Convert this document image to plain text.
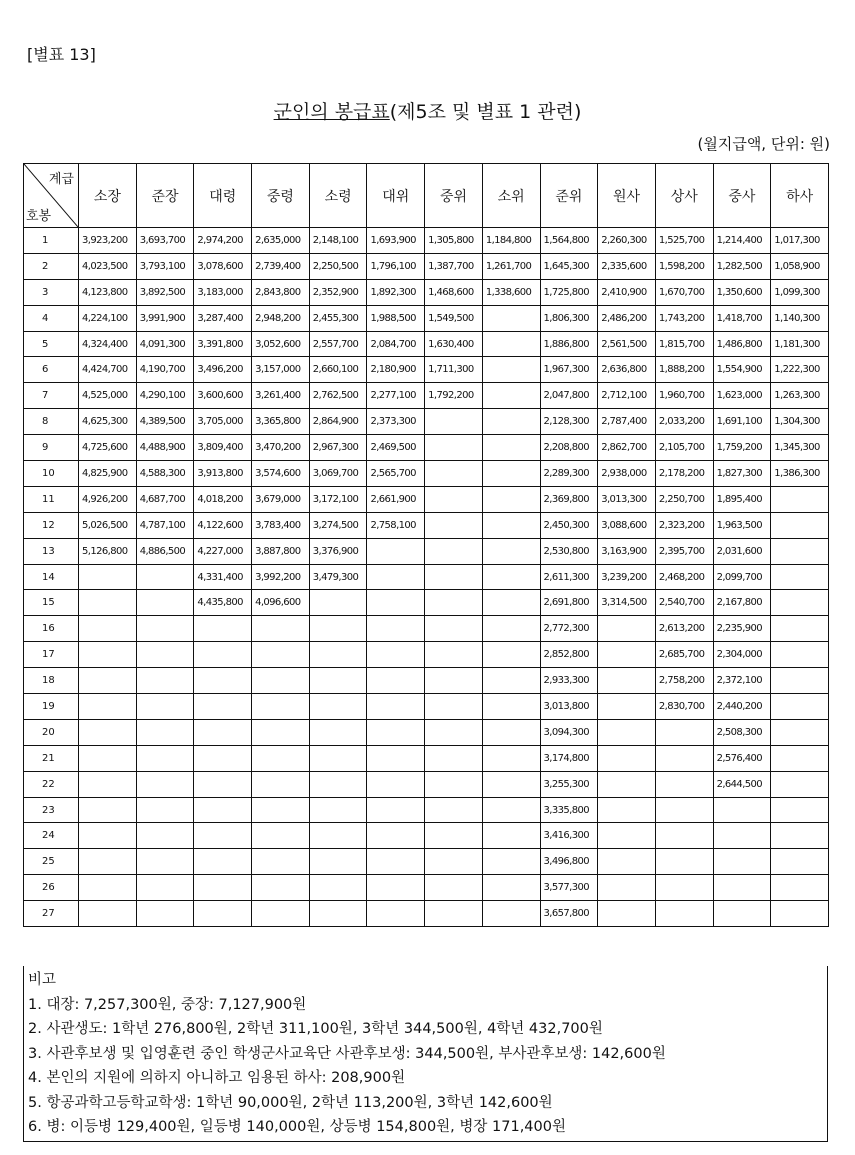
[별표 13]
군인의 봉급표(제5조 및 별표 1 관련)
(월지급액, 단위: 원)
계급
호봉	소장	준장	대령	중령	소령	대위	중위	소위	준위	원사	상사	중사	하사
1	3,923,200	3,693,700	2,974,200	2,635,000	2,148,100	1,693,900	1,305,800	1,184,800	1,564,800	2,260,300	1,525,700	1,214,400	1,017,300
2	4,023,500	3,793,100	3,078,600	2,739,400	2,250,500	1,796,100	1,387,700	1,261,700	1,645,300	2,335,600	1,598,200	1,282,500	1,058,900
3	4,123,800	3,892,500	3,183,000	2,843,800	2,352,900	1,892,300	1,468,600	1,338,600	1,725,800	2,410,900	1,670,700	1,350,600	1,099,300
4	4,224,100	3,991,900	3,287,400	2,948,200	2,455,300	1,988,500	1,549,500		1,806,300	2,486,200	1,743,200	1,418,700	1,140,300
5	4,324,400	4,091,300	3,391,800	3,052,600	2,557,700	2,084,700	1,630,400		1,886,800	2,561,500	1,815,700	1,486,800	1,181,300
6	4,424,700	4,190,700	3,496,200	3,157,000	2,660,100	2,180,900	1,711,300		1,967,300	2,636,800	1,888,200	1,554,900	1,222,300
7	4,525,000	4,290,100	3,600,600	3,261,400	2,762,500	2,277,100	1,792,200		2,047,800	2,712,100	1,960,700	1,623,000	1,263,300
8	4,625,300	4,389,500	3,705,000	3,365,800	2,864,900	2,373,300			2,128,300	2,787,400	2,033,200	1,691,100	1,304,300
9	4,725,600	4,488,900	3,809,400	3,470,200	2,967,300	2,469,500			2,208,800	2,862,700	2,105,700	1,759,200	1,345,300
10	4,825,900	4,588,300	3,913,800	3,574,600	3,069,700	2,565,700			2,289,300	2,938,000	2,178,200	1,827,300	1,386,300
11	4,926,200	4,687,700	4,018,200	3,679,000	3,172,100	2,661,900			2,369,800	3,013,300	2,250,700	1,895,400	
12	5,026,500	4,787,100	4,122,600	3,783,400	3,274,500	2,758,100			2,450,300	3,088,600	2,323,200	1,963,500	
13	5,126,800	4,886,500	4,227,000	3,887,800	3,376,900				2,530,800	3,163,900	2,395,700	2,031,600	
14			4,331,400	3,992,200	3,479,300				2,611,300	3,239,200	2,468,200	2,099,700	
15			4,435,800	4,096,600					2,691,800	3,314,500	2,540,700	2,167,800	
16									2,772,300		2,613,200	2,235,900	
17									2,852,800		2,685,700	2,304,000	
18									2,933,300		2,758,200	2,372,100	
19									3,013,800		2,830,700	2,440,200	
20									3,094,300			2,508,300	
21									3,174,800			2,576,400	
22									3,255,300			2,644,500	
23									3,335,800				
24									3,416,300				
25									3,496,800				
26									3,577,300				
27									3,657,800				
비고
1. 대장: 7,257,300원, 중장: 7,127,900원
2. 사관생도: 1학년 276,800원, 2학년 311,100원, 3학년 344,500원, 4학년 432,700원
3. 사관후보생 및 입영훈련 중인 학생군사교육단 사관후보생: 344,500원, 부사관후보생: 142,600원
4. 본인의 지원에 의하지 아니하고 임용된 하사: 208,900원
5. 항공과학고등학교학생: 1학년 90,000원, 2학년 113,200원, 3학년 142,600원
6. 병: 이등병 129,400원, 일등병 140,000원, 상등병 154,800원, 병장 171,400원
